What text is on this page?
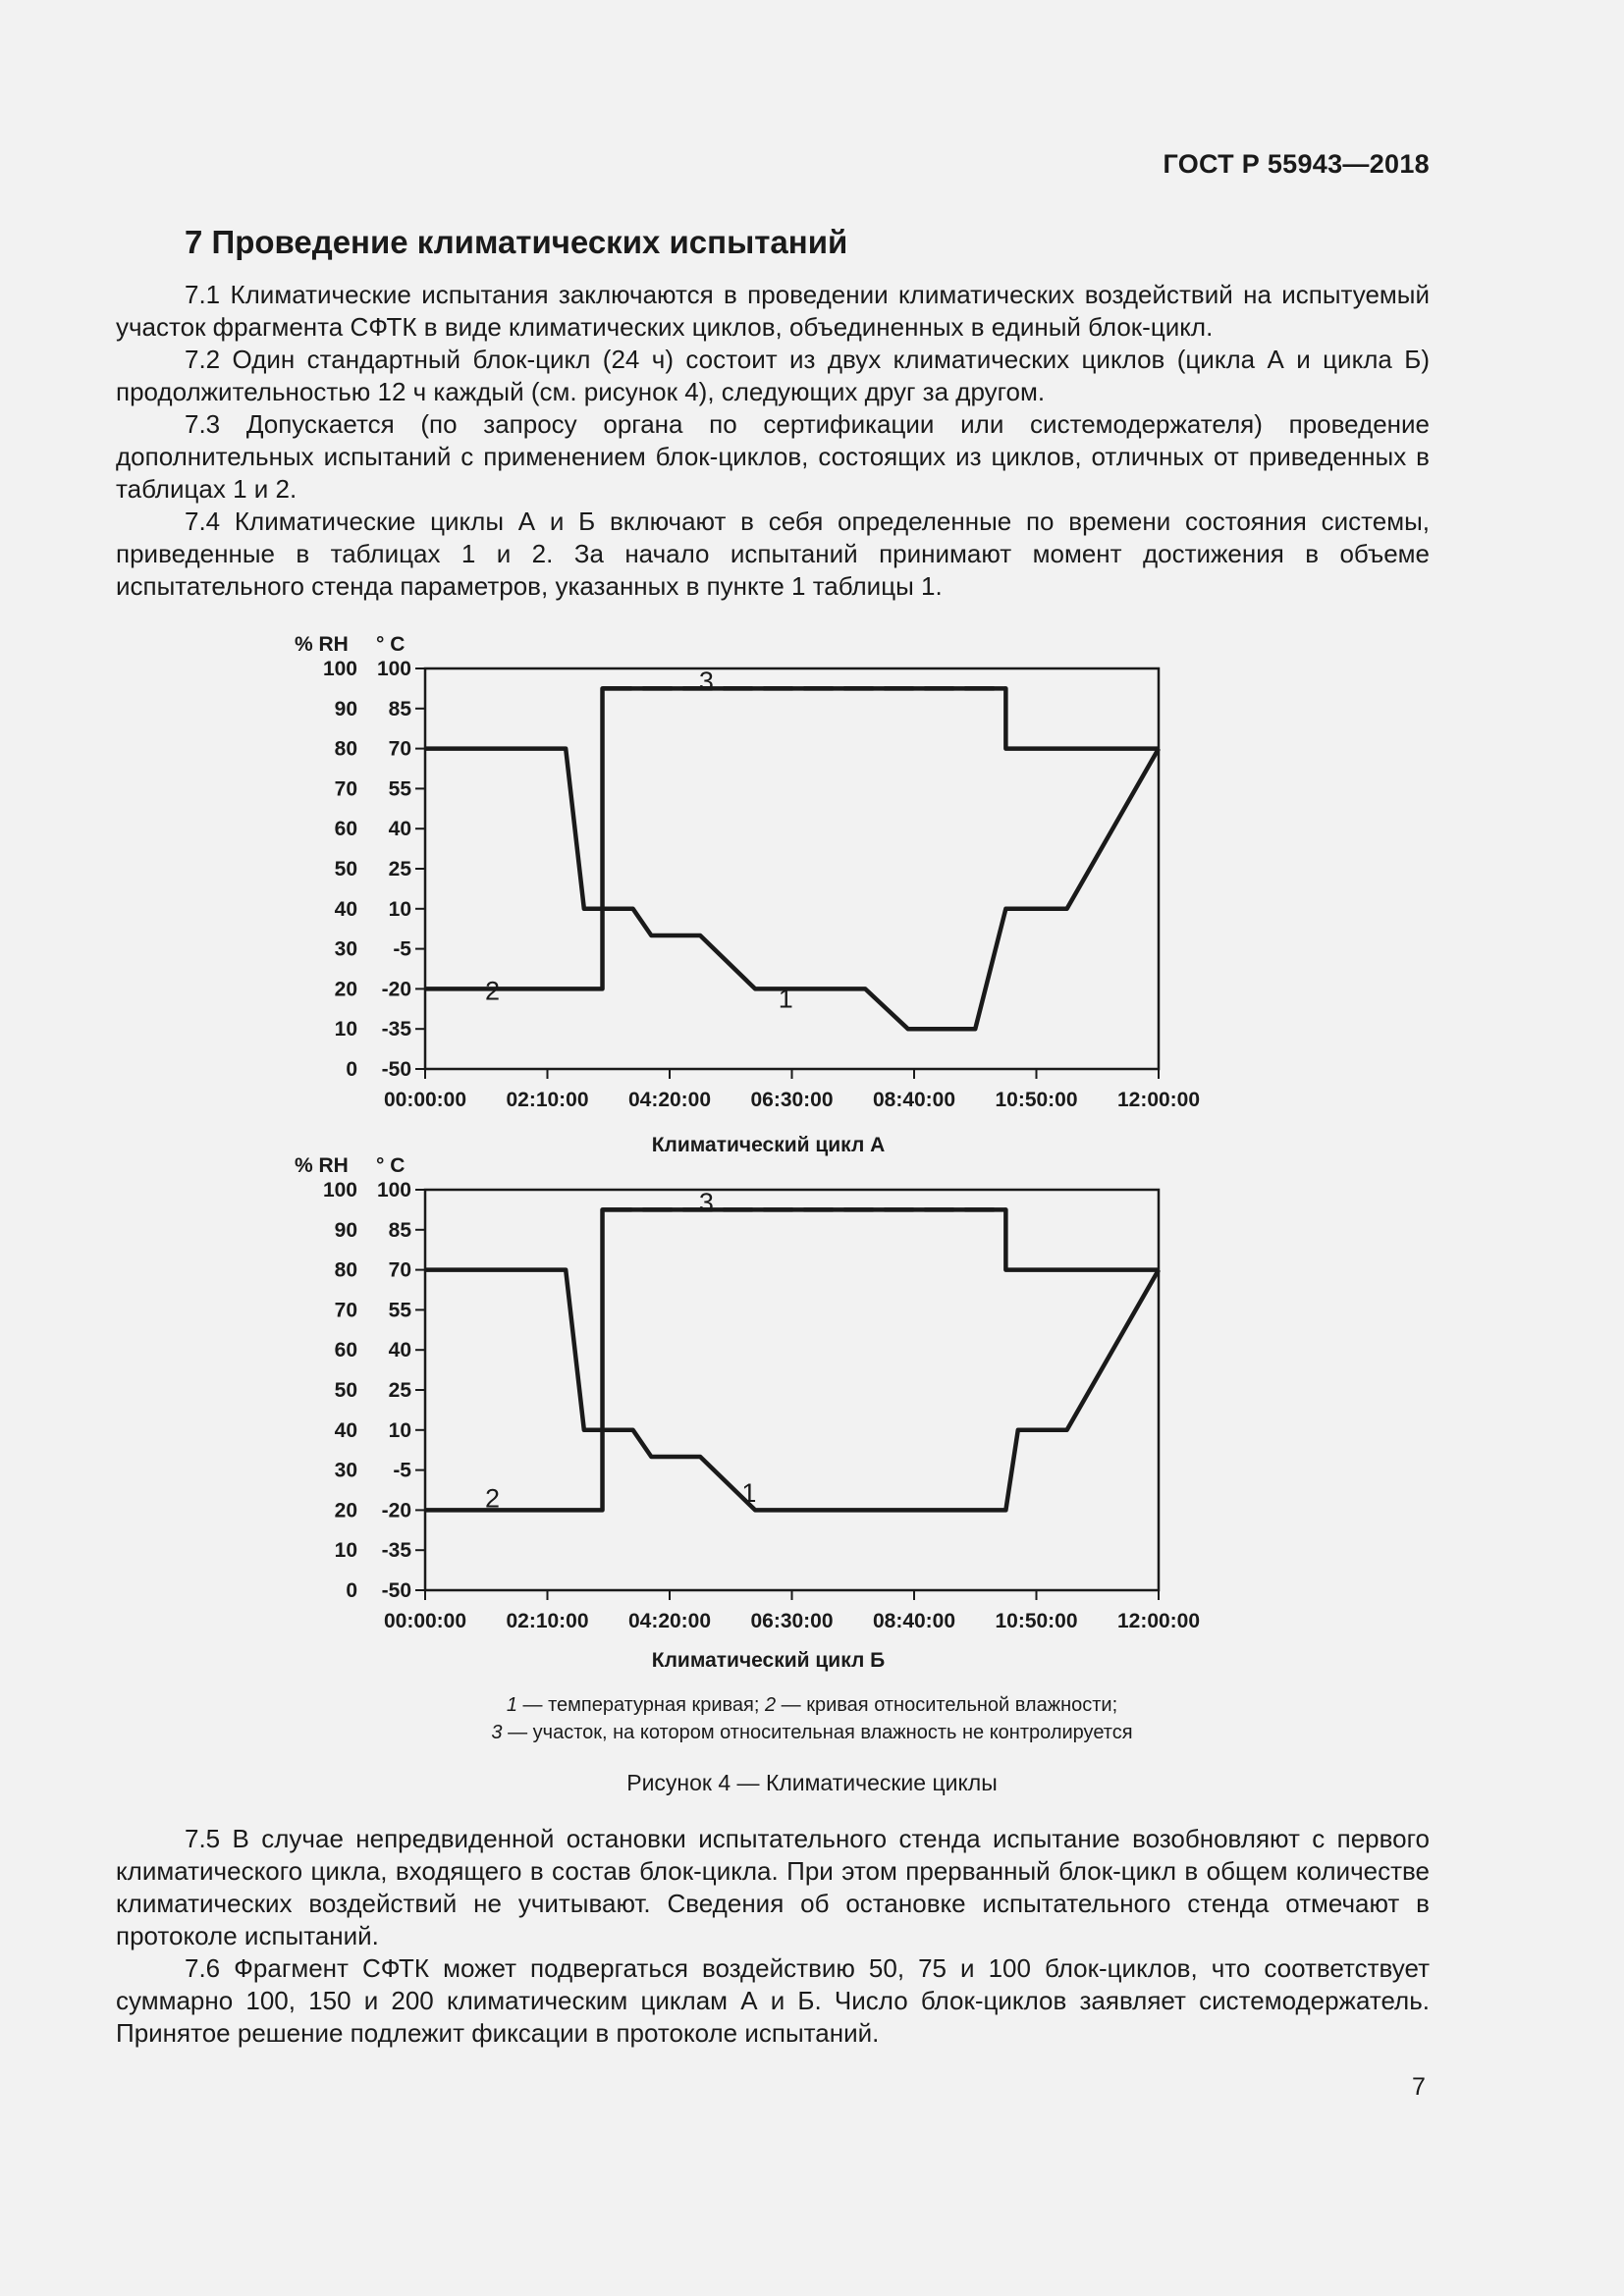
ГОСТ Р 55943—2018
7 Проведение климатических испытаний

7.1 Климатические испытания заключаются в проведении климатических воздействий на испытуемый участок фрагмента СФТК в виде климатических циклов, объединенных в единый блок-цикл.

7.2 Один стандартный блок-цикл (24 ч) состоит из двух климатических циклов (цикла А и цикла Б) продолжительностью 12 ч каждый (см. рисунок 4), следующих друг за другом.

7.3 Допускается (по запросу органа по сертификации или системодержателя) проведение дополнительных испытаний с применением блок-циклов, состоящих из циклов, отличных от приведенных в таблицах 1 и 2.

7.4 Климатические циклы А и Б включают в себя определенные по времени состояния системы, приведенные в таблицах 1 и 2. За начало испытаний принимают момент достижения в объеме испытательного стенда параметров, указанных в пункте 1 таблицы 1.

% RH ° C
100
100
85
90
70
80
55
70
40
60
25
50
10
40
-5
30
-20
20
-35
10
-50
0
00:00:00 02:10:00 04:20:00 06:30:00 08:40:00 10:50:00 12:00:00
Климатический цикл А
1
2
3
% RH ° C
100
100
85
90
70
80
55
70
40
60
25
50
10
40
-5
30
-20
20
-35
10
-50
0
00:00:00 02:10:00 04:20:00 06:30:00 08:40:00 10:50:00 12:00:00
Климатический цикл Б
1
2
3
1 — температурная кривая; 2 — кривая относительной влажности;
3 — участок, на котором относительная влажность не контролируется
Рисунок 4 — Климатические циклы

7.5 В случае непредвиденной остановки испытательного стенда испытание возобновляют с первого климатического цикла, входящего в состав блок-цикла. При этом прерванный блок-цикл в общем количестве климатических воздействий не учитывают. Сведения об остановке испытательного стенда отмечают в протоколе испытаний.

7.6 Фрагмент СФТК может подвергаться воздействию 50, 75 и 100 блок-циклов, что соответствует суммарно 100, 150 и 200 климатическим циклам А и Б. Число блок-циклов заявляет системодержатель. Принятое решение подлежит фиксации в протоколе испытаний.

7
